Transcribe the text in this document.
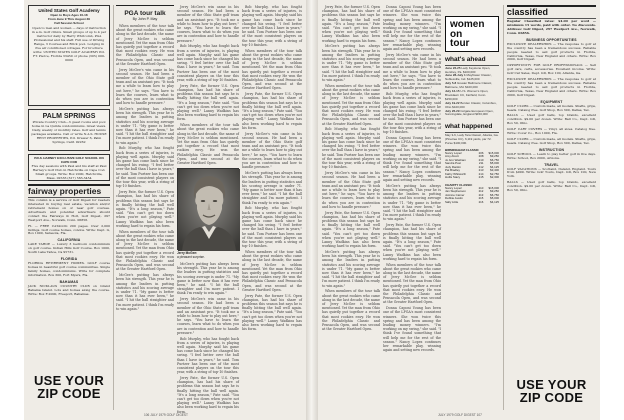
United States Golf Academy
Open to Boys Ages 10-18
From June 9 Thru August 29
Fall Session School
Open to men and women — days of instruction in a.m. Golf clinics. Small groups of up to 4 per instructor daily by Harry Whitcomb, PGA Professional and his staff. Full use of Driving Range, 3 Courses and Brick pool. Lodging in five air conditioned cottages. For brochure write: UNITED STATES GOLF ACADEMY P.O. FT. Pierce, Florida 33450 or phone (305) 000-0000
PALM SPRINGS
Private Country Club—3 guest rooms and pool home in La Quinta condominiums. Great views. Daily, weekly or monthly rates. Golf and tennis packages available. Call or write N.A.S. HOUSE RENT PROPERTIES, P.O. Drawer 6, Palm Springs, Calif. 92262
PAUL HARNEY EXCLUSIVE GOLF SCHOOL ON CAPE COD
Five day sessions with Paul and his staff at Paul Harney's Golf Club in Hatchville on Cape Cod. Small groups. Write: Box 2000, Hatchville, Mass. 02536 (617) 563-3454
fairway properties
This column is a service of Golf Digest for readers interested in buying real estate, vacation and/or retirement homes on or near golf courses. Advertisers and potential advertisers should contact the Fairways & Holt, Golf Digest, 297 Westport Ave., Norwalk, Conn. 06856.
FL — FREE CATALOG 200 pages. Over 2,000 listings. Golf course homes, condos. Write: Dept. G, Box 1000, Sarasota, Fla.
CALIFORNIA
LAKE TAHOE — Luxury 3 bedroom condominium on golf course. Indian Hills Golf Course. Box 1000, South Lake Tahoe, Ca 95731.
FLORIDA
FLORIDA RETIREMENT HOMES. GOLF course homes in beautiful golf course communities. Single family homes, condominiums. Write for complete information. Box 300, Fort Myers, Fla.
BAHAMAS
JACK NICKLAUS COUNTRY CLUB on Grand Bahama Island. Lots and homes along the course. Write: Box F-2000, Freeport, Bahamas.
USE YOUR ZIP CODE

PGA tour talk
By John P. May

When members of the tour talk about the great rookies who came along in the last decade, the name of Jerry McGee is seldom mentioned. Yet the man from Ohio has quietly put together a record that most rookies envy. He won the Philadelphia Classic and Pensacola Open, and was second at the Greater Hartford Open.

Jerry McGee's win came in his second season. He had been a member of the Ohio State golf team and an assistant pro. "It took me a while to learn how to play out here," he says. "You have to learn the courses, learn what to do when you are in contention and how to handle pressure."

McGee's putting has always been his strength. This year he is among the leaders in putting statistics and his scoring average is under 71. "My game is better now than it has ever been," he said. "I hit the ball straighter and I'm more patient. I think I'm ready to win again."

Bob Murphy, who has fought back from a series of injuries, is playing well again. Murphy said his game has come back since he changed his swing. "I feel better over the ball than I have in years," he said. Tom Purtzer has been one of the most consistent players on the tour this year, with a string of top-10 finishes.

Jerry Pate, the former U.S. Open champion, has had his share of problems this season but says he is finally hitting the ball well again. "It's a long season," Pate said. "You can't get too down when you're not playing well." Lanny Wadkins has also been working hard to regain his form.

When members of the tour talk about the great rookies who came along in the last decade, the name of Jerry McGee is seldom mentioned. Yet the man from Ohio has quietly put together a record that most rookies envy. He won the Philadelphia Classic and Pensacola Open, and was second at the Greater Hartford Open.

McGee's putting has always been his strength. This year he is among the leaders in putting statistics and his scoring average is under 71. "My game is better now than it has ever been," he said. "I hit the ball straighter and I'm more patient. I think I'm ready to win again."

Jerry McGee's win came in his second season. He had been a member of the Ohio State golf team and an assistant pro. "It took me a while to learn how to play out here," he says. "You have to learn the courses, learn what to do when you are in contention and how to handle pressure."

Bob Murphy, who has fought back from a series of injuries, is playing well again. Murphy said his game has come back since he changed his swing. "I feel better over the ball than I have in years," he said. Tom Purtzer has been one of the most consistent players on the tour this year, with a string of top-10 finishes.

Jerry Pate, the former U.S. Open champion, has had his share of problems this season but says he is finally hitting the ball well again. "It's a long season," Pate said. "You can't get too down when you're not playing well." Lanny Wadkins has also been working hard to regain his form.

When members of the tour talk about the great rookies who came along in the last decade, the name of Jerry McGee is seldom mentioned. Yet the man from Ohio has quietly put together a record that most rookies envy. He won the Philadelphia Classic and Pensacola Open, and was second at the Greater Hartford Open.

Jerry McGee:
a pleasant surprise.

McGee's putting has always been his strength. This year he is among the leaders in putting statistics and his scoring average is under 71. "My game is better now than it has ever been," he said. "I hit the ball straighter and I'm more patient. I think I'm ready to win again."

Jerry McGee's win came in his second season. He had been a member of the Ohio State golf team and an assistant pro. "It took me a while to learn how to play out here," he says. "You have to learn the courses, learn what to do when you are in contention and how to handle pressure."

Bob Murphy, who has fought back from a series of injuries, is playing well again. Murphy said his game has come back since he changed his swing. "I feel better over the ball than I have in years," he said. Tom Purtzer has been one of the most consistent players on the tour this year, with a string of top-10 finishes.

Jerry Pate, the former U.S. Open champion, has had his share of problems this season but says he is finally hitting the ball well again. "It's a long season," Pate said. "You can't get too down when you're not playing well." Lanny Wadkins has also been working hard to regain his form.

Bob Murphy, who has fought back from a series of injuries, is playing well again. Murphy said his game has come back since he changed his swing. "I feel better over the ball than I have in years," he said. Tom Purtzer has been one of the most consistent players on the tour this year, with a string of top-10 finishes.

When members of the tour talk about the great rookies who came along in the last decade, the name of Jerry McGee is seldom mentioned. Yet the man from Ohio has quietly put together a record that most rookies envy. He won the Philadelphia Classic and Pensacola Open, and was second at the Greater Hartford Open.

Jerry Pate, the former U.S. Open champion, has had his share of problems this season but says he is finally hitting the ball well again. "It's a long season," Pate said. "You can't get too down when you're not playing well." Lanny Wadkins has also been working hard to regain his form.

Jerry McGee's win came in his second season. He had been a member of the Ohio State golf team and an assistant pro. "It took me a while to learn how to play out here," he says. "You have to learn the courses, learn what to do when you are in contention and how to handle pressure."

McGee's putting has always been his strength. This year he is among the leaders in putting statistics and his scoring average is under 71. "My game is better now than it has ever been," he said. "I hit the ball straighter and I'm more patient. I think I'm ready to win again."

Bob Murphy, who has fought back from a series of injuries, is playing well again. Murphy said his game has come back since he changed his swing. "I feel better over the ball than I have in years," he said. Tom Purtzer has been one of the most consistent players on the tour this year, with a string of top-10 finishes.

When members of the tour talk about the great rookies who came along in the last decade, the name of Jerry McGee is seldom mentioned. Yet the man from Ohio has quietly put together a record that most rookies envy. He won the Philadelphia Classic and Pensacola Open, and was second at the Greater Hartford Open.

Jerry Pate, the former U.S. Open champion, has had his share of problems this season but says he is finally hitting the ball well again. "It's a long season," Pate said. "You can't get too down when you're not playing well." Lanny Wadkins has also been working hard to regain his form.

106 JULY 1979 GOLF DIGEST

Jerry Pate, the former U.S. Open champion, has had his share of problems this season but says he is finally hitting the ball well again. "It's a long season," Pate said. "You can't get too down when you're not playing well." Lanny Wadkins has also been working hard to regain his form.

McGee's putting has always been his strength. This year he is among the leaders in putting statistics and his scoring average is under 71. "My game is better now than it has ever been," he said. "I hit the ball straighter and I'm more patient. I think I'm ready to win again."

When members of the tour talk about the great rookies who came along in the last decade, the name of Jerry McGee is seldom mentioned. Yet the man from Ohio has quietly put together a record that most rookies envy. He won the Philadelphia Classic and Pensacola Open, and was second at the Greater Hartford Open.

Bob Murphy, who has fought back from a series of injuries, is playing well again. Murphy said his game has come back since he changed his swing. "I feel better over the ball than I have in years," he said. Tom Purtzer has been one of the most consistent players on the tour this year, with a string of top-10 finishes.

Jerry McGee's win came in his second season. He had been a member of the Ohio State golf team and an assistant pro. "It took me a while to learn how to play out here," he says. "You have to learn the courses, learn what to do when you are in contention and how to handle pressure."

Jerry Pate, the former U.S. Open champion, has had his share of problems this season but says he is finally hitting the ball well again. "It's a long season," Pate said. "You can't get too down when you're not playing well." Lanny Wadkins has also been working hard to regain his form.

McGee's putting has always been his strength. This year he is among the leaders in putting statistics and his scoring average is under 71. "My game is better now than it has ever been," he said. "I hit the ball straighter and I'm more patient. I think I'm ready to win again."

When members of the tour talk about the great rookies who came along in the last decade, the name of Jerry McGee is seldom mentioned. Yet the man from Ohio has quietly put together a record that most rookies envy. He won the Philadelphia Classic and Pensacola Open, and was second at the Greater Hartford Open.

Donna Caponi Young has been one of the LPGA's most consistent winners. She won twice this spring and has been among the leading money winners. "I'm working on my swing," she said. "I think I've found something that will help me for the rest of the season." Nancy Lopez continues her remarkable play, winning again and setting new records.

Jerry McGee's win came in his second season. He had been a member of the Ohio State golf team and an assistant pro. "It took me a while to learn how to play out here," he says. "You have to learn the courses, learn what to do when you are in contention and how to handle pressure."

Bob Murphy, who has fought back from a series of injuries, is playing well again. Murphy said his game has come back since he changed his swing. "I feel better over the ball than I have in years," he said. Tom Purtzer has been one of the most consistent players on the tour this year, with a string of top-10 finishes.

Donna Caponi Young has been one of the LPGA's most consistent winners. She won twice this spring and has been among the leading money winners. "I'm working on my swing," she said. "I think I've found something that will help me for the rest of the season." Nancy Lopez continues her remarkable play, winning again and setting new records.

McGee's putting has always been his strength. This year he is among the leaders in putting statistics and his scoring average is under 71. "My game is better now than it has ever been," he said. "I hit the ball straighter and I'm more patient. I think I'm ready to win again."

Jerry Pate, the former U.S. Open champion, has had his share of problems this season but says he is finally hitting the ball well again. "It's a long season," Pate said. "You can't get too down when you're not playing well." Lanny Wadkins has also been working hard to regain his form.

When members of the tour talk about the great rookies who came along in the last decade, the name of Jerry McGee is seldom mentioned. Yet the man from Ohio has quietly put together a record that most rookies envy. He won the Philadelphia Classic and Pensacola Open, and was second at the Greater Hartford Open.

Donna Caponi Young has been one of the LPGA's most consistent winners. She won twice this spring and has been among the leading money winners. "I'm working on my swing," she said. "I think I've found something that will help me for the rest of the season." Nancy Lopez continues her remarkable play, winning again and setting new records.

women
on
tour
what's ahead
June 22-25 Lady Keystone Open, Hershey, Pa. $100,000
June 28-July 1 Mayflower Classic, Noblesville, Ind. $125,000
July 5-8 Greater Baltimore Classic, Baltimore, Md. $100,000
July 12-15 U.S. Women's Open, Brooklawn CC, Fairfield, Conn. $150,000
July 19-22 Borden Classic, Columbus, Ohio $100,000
July 26-29 Colgate European Open, Sunningdale, England $150,000
what happened
May 3-6, Lady Tara Classic, Atlanta, Ga. (Pinetree CC), 6,119 yards, par 72. Purse $100,000.
BIRMINGHAM CLASSIC
Nancy Lopez	206	$15,000
Amy Alcott	208	$9,250
Jo Ann Washam	210	$6,750
Sandra Post	211	$5,000
Judy Rankin	212	$4,125
Pat Bradley	213	$3,400
Kathy Whitworth	214	$2,750
Hollis Stacy	215	$2,300
CHARITY CLASSIC
Nancy Lopez	210	$15,000
Jan Stephenson	212	$9,250
JoAnne Carner	213	$6,750
Debbie Austin	215	$5,000
Sally Little	216	$4,125
classified
Regular Classified rates: $4.00 per word — minimum 15 words, paid with order. No discounts. Address: Golf Digest, 297 Westport Ave., Norwalk, Conn. 06856.
BUSINESS OPPORTUNITIES
EXCLUSIVE DEALERSHIPS — The response to golf at the country has been a tremendous success. Reliable people needed to sell golf products in Florida, California, Texas, New England and others. Write: Box 2000, Golf Digest.
OPPORTUNITY FOR GOLF PROFESSIONALS — Sell golf cars, carts, accessories. Excellent income. Write: Golf Car Sales, Dept. GD, Box 100, Atlanta, Ga.
EXCLUSIVE DEALERSHIPS — The response to golf at the country has been a tremendous success. Reliable people needed to sell golf products in Florida, California, Texas, New England and others. Write: Box 2000, Golf Digest.
EQUIPMENT
GOLF CLUBS — Custom made, all models. Shafts, grips, heads. Catalog free. Golf Shop, Box 300, Dallas, Tex.
BALLS — Used golf balls, top brands, excellent condition. $9.00 per dozen. Write: Ball Co., Dept. GD, Box 50, Ohio.
GOLF CART COVERS — Vinyl, all sizes. Catalog free. Write: Cover Co., Box 1000, Fla.
GOLF CLUBS — Custom made, all models. Shafts, grips, heads. Catalog free. Golf Shop, Box 300, Dallas, Tex.
INSTRUCTION
GOLF SCHOOL — Learn to play better golf in five days. Write: School, Box 2000, Arizona.
TRAVEL
GOLF VACATIONS — Scotland, Ireland, England. Tours from $999. Write: Golf Tours, Dept. GD, Box 100, New York.
BALLS — Used golf balls, top brands, excellent condition. $9.00 per dozen. Write: Ball Co., Dept. GD, Box 50, Ohio.
USE YOUR ZIP CODE
JULY 1979 GOLF DIGEST 107
